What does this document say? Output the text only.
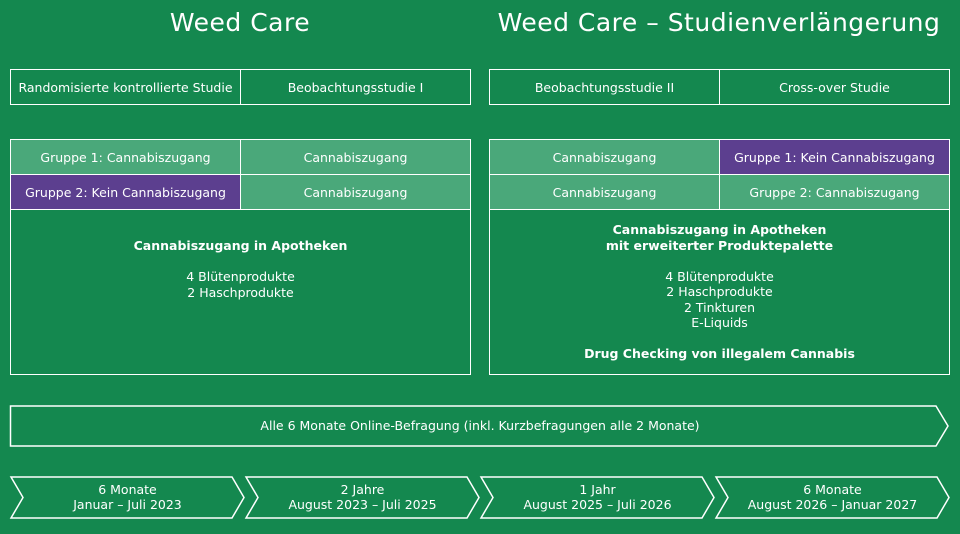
Weed Care	Weed Care – Studienverlängerung
Randomisierte kontrollierte Studie	Beobachtungsstudie I	Beobachtungsstudie II	Cross-over Studie
Gruppe 1: Cannabiszugang	Cannabiszugang
Gruppe 2: Kein Cannabiszugang	Cannabiszugang

Cannabiszugang in Apotheken

4 Blütenprodukte

2 Haschprodukte

Cannabiszugang	Gruppe 1: Kein Cannabiszugang
Cannabiszugang	Gruppe 2: Cannabiszugang

Cannabiszugang in Apotheken

mit erweiterter Produktepalette

4 Blütenprodukte

2 Haschprodukte

2 Tinkturen

E-Liquids

Drug Checking von illegalem Cannabis

Alle 6 Monate Online-Befragung (inkl. Kurzbefragungen alle 2 Monate)
6 Monate
Januar – Juli 2023
2 Jahre
August 2023 – Juli 2025
1 Jahr
August 2025 – Juli 2026
6 Monate
August 2026 – Januar 2027
